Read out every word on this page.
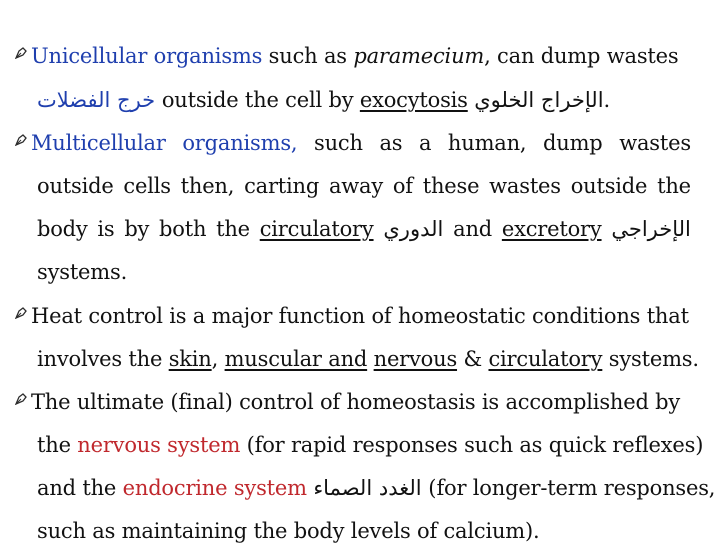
Unicellular organisms such as paramecium, can dump wastes
خرج الفضلات outside the cell by exocytosis الإخراج الخلوي.
Multicellular organisms, such as a human, dump wastes
outside cells then, carting away of these wastes outside the
body is by both the circulatory الدوري and excretory الإخراجي
systems.
Heat control is a major function of homeostatic conditions that
involves the skin, muscular and nervous & circulatory systems.
The ultimate (final) control of homeostasis is accomplished by
the nervous system (for rapid responses such as quick reflexes)
and the endocrine system الغدد الصماء (for longer-term responses,
such as maintaining the body levels of calcium).
